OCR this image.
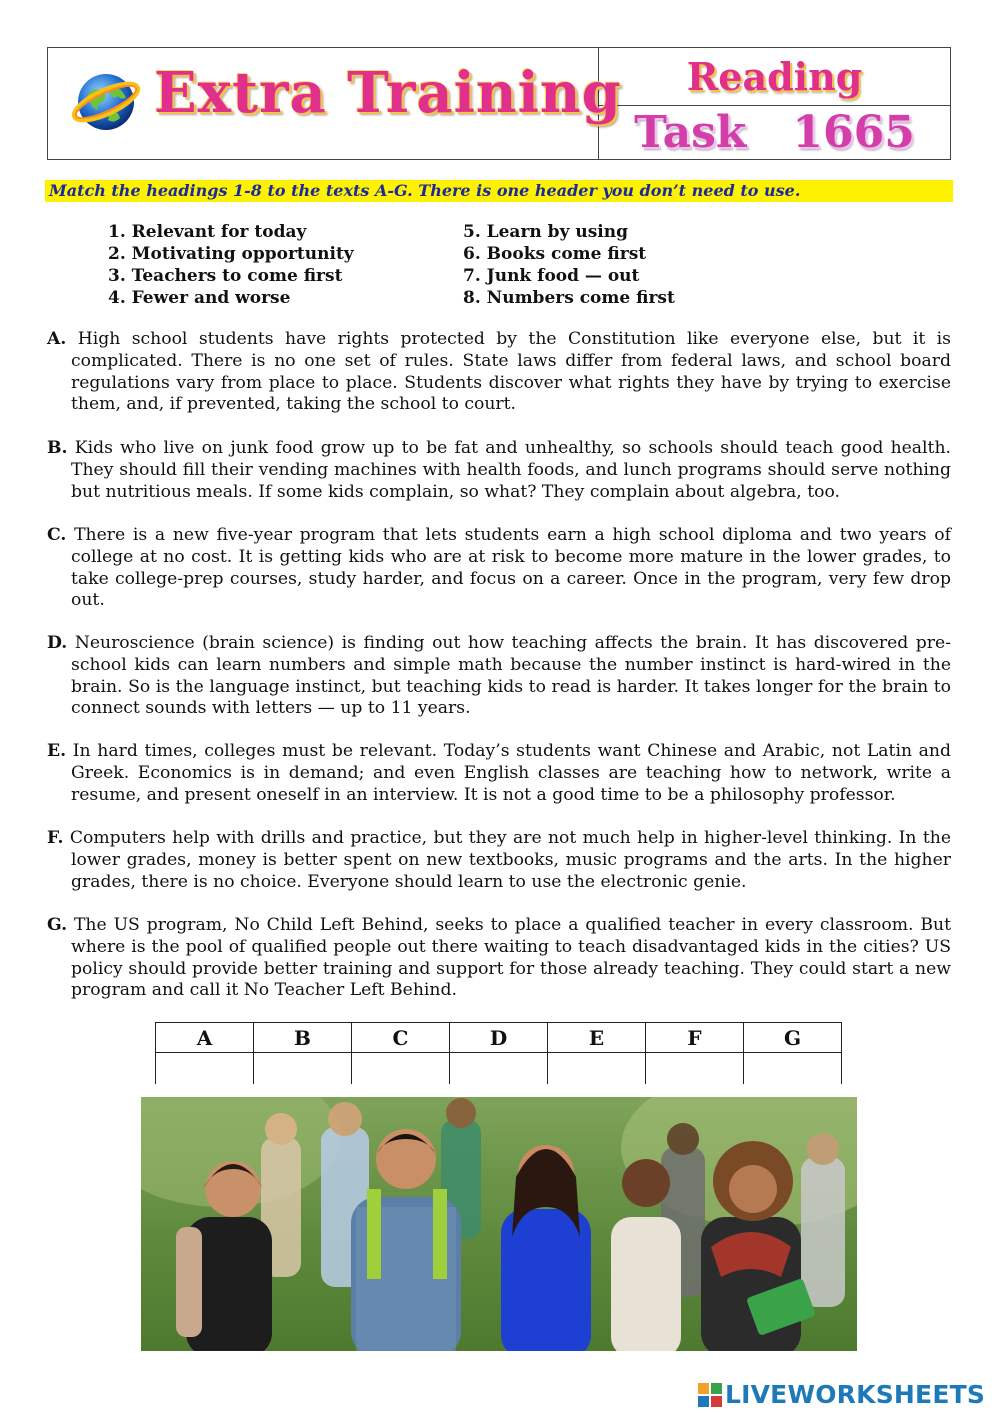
Extra Training Reading
Task 1665
Match the headings 1-8 to the texts A-G. There is one header you don’t need to use.
1. Relevant for today
2. Motivating opportunity
3. Teachers to come first
4. Fewer and worse
5. Learn by using
6. Books come first
7. Junk food — out
8. Numbers come first
A. High school students have rights protected by the Constitution like everyone else, but it is complicated. There is no one set of rules. State laws differ from federal laws, and school board regulations vary from place to place. Students discover what rights they have by trying to exercise them, and, if prevented, taking the school to court.
B. Kids who live on junk food grow up to be fat and unhealthy, so schools should teach good health. They should fill their vending machines with health foods, and lunch programs should serve nothing but nutritious meals. If some kids complain, so what? They complain about algebra, too.
C. There is a new five-year program that lets students earn a high school diploma and two years of college at no cost. It is getting kids who are at risk to become more mature in the lower grades, to take college-prep courses, study harder, and focus on a career. Once in the program, very few drop out.
D. Neuroscience (brain science) is finding out how teaching affects the brain. It has discovered pre-school kids can learn numbers and simple math because the number instinct is hard-wired in the brain. So is the language instinct, but teaching kids to read is harder. It takes longer for the brain to connect sounds with letters — up to 11 years.
E. In hard times, colleges must be relevant. Today’s students want Chinese and Arabic, not Latin and Greek. Economics is in demand; and even English classes are teaching how to network, write a resume, and present oneself in an interview. It is not a good time to be a philosophy professor.
F. Computers help with drills and practice, but they are not much help in higher-level thinking. In the lower grades, money is better spent on new textbooks, music programs and the arts. In the higher grades, there is no choice. Everyone should learn to use the electronic genie.
G. The US program, No Child Left Behind, seeks to place a qualified teacher in every classroom. But where is the pool of qualified people out there waiting to teach disadvantaged kids in the cities? US policy should provide better training and support for those already teaching. They could start a new program and call it No Teacher Left Behind.
A	B	C	D	E	F	G

LIVEWORKSHEETS
